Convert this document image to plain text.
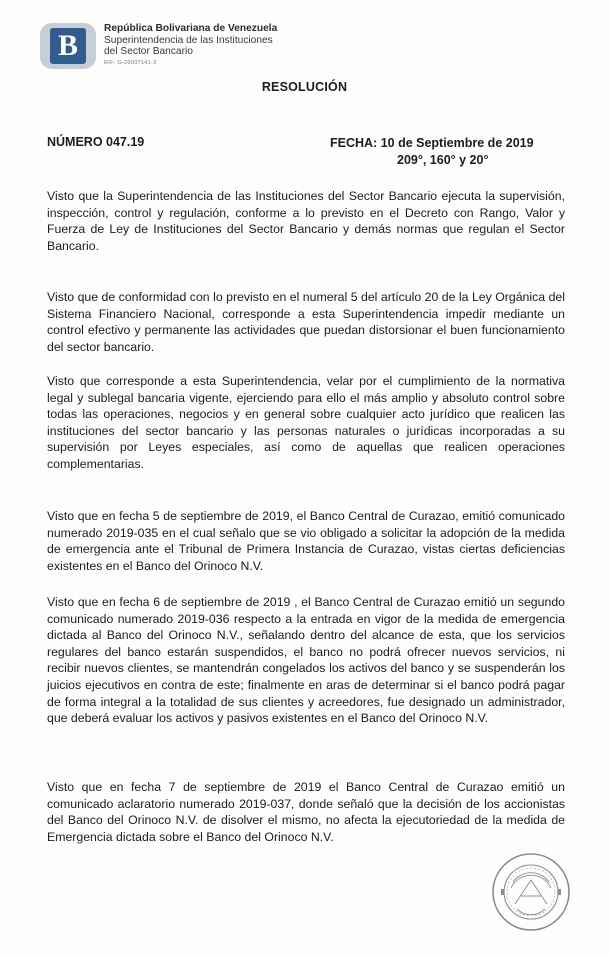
B
República Bolivariana de Venezuela
Superintendencia de las Instituciones
del Sector Bancario
RIF: G-20007141-3
RESOLUCIÓN
NÚMERO 047.19	FECHA: 10 de Septiembre de 2019
209°, 160° y 20°

Visto que la Superintendencia de las Instituciones del Sector Bancario ejecuta la supervisión, inspección, control y regulación, conforme a lo previsto en el Decreto con Rango, Valor y Fuerza de Ley de Instituciones del Sector Bancario y demás normas que regulan el Sector Bancario.

Visto que de conformidad con lo previsto en el numeral 5 del artículo 20 de la Ley Orgánica del Sistema Financiero Nacional, corresponde a esta Superintendencia impedir mediante un control efectivo y permanente las actividades que puedan distorsionar el buen funcionamiento del sector bancario.

Visto que corresponde a esta Superintendencia, velar por el cumplimiento de la normativa legal y sublegal bancaria vigente, ejerciendo para ello el más amplio y absoluto control sobre todas las operaciones, negocios y en general sobre cualquier acto jurídico que realicen las instituciones del sector bancario y las personas naturales o jurídicas incorporadas a su supervisión por Leyes especiales, así como de aquellas que realicen operaciones complementarias.

Visto que en fecha 5 de septiembre de 2019, el Banco Central de Curazao, emitió comunicado numerado 2019-035 en el cual señalo que se vio obligado a solicitar la adopción de la medida de emergencia ante el Tribunal de Primera Instancia de Curazao, vistas ciertas deficiencias existentes en el Banco del Orinoco N.V.

Visto que en fecha 6 de septiembre de 2019 , el Banco Central de Curazao emitió un segundo comunicado numerado 2019-036 respecto a la entrada en vigor de la medida de emergencia dictada al Banco del Orinoco N.V., señalando dentro del alcance de esta, que los servicios regulares del banco estarán suspendidos, el banco no podrá ofrecer nuevos servicios, ni recibir nuevos clientes, se mantendrán congelados los activos del banco y se suspenderán los juicios ejecutivos en contra de este; finalmente en aras de determinar si el banco podrá pagar de forma integral a la totalidad de sus clientes y acreedores, fue designado un administrador, que deberá evaluar los activos y pasivos existentes en el Banco del Orinoco N.V.

Visto que en fecha 7 de septiembre de 2019 el Banco Central de Curazao emitió un comunicado aclaratorio numerado 2019-037, donde señaló que la decisión de los accionistas del Banco del Orinoco N.V. de disolver el mismo, no afecta la ejecutoriedad de la medida de Emergencia dictada sobre el Banco del Orinoco N.V.
